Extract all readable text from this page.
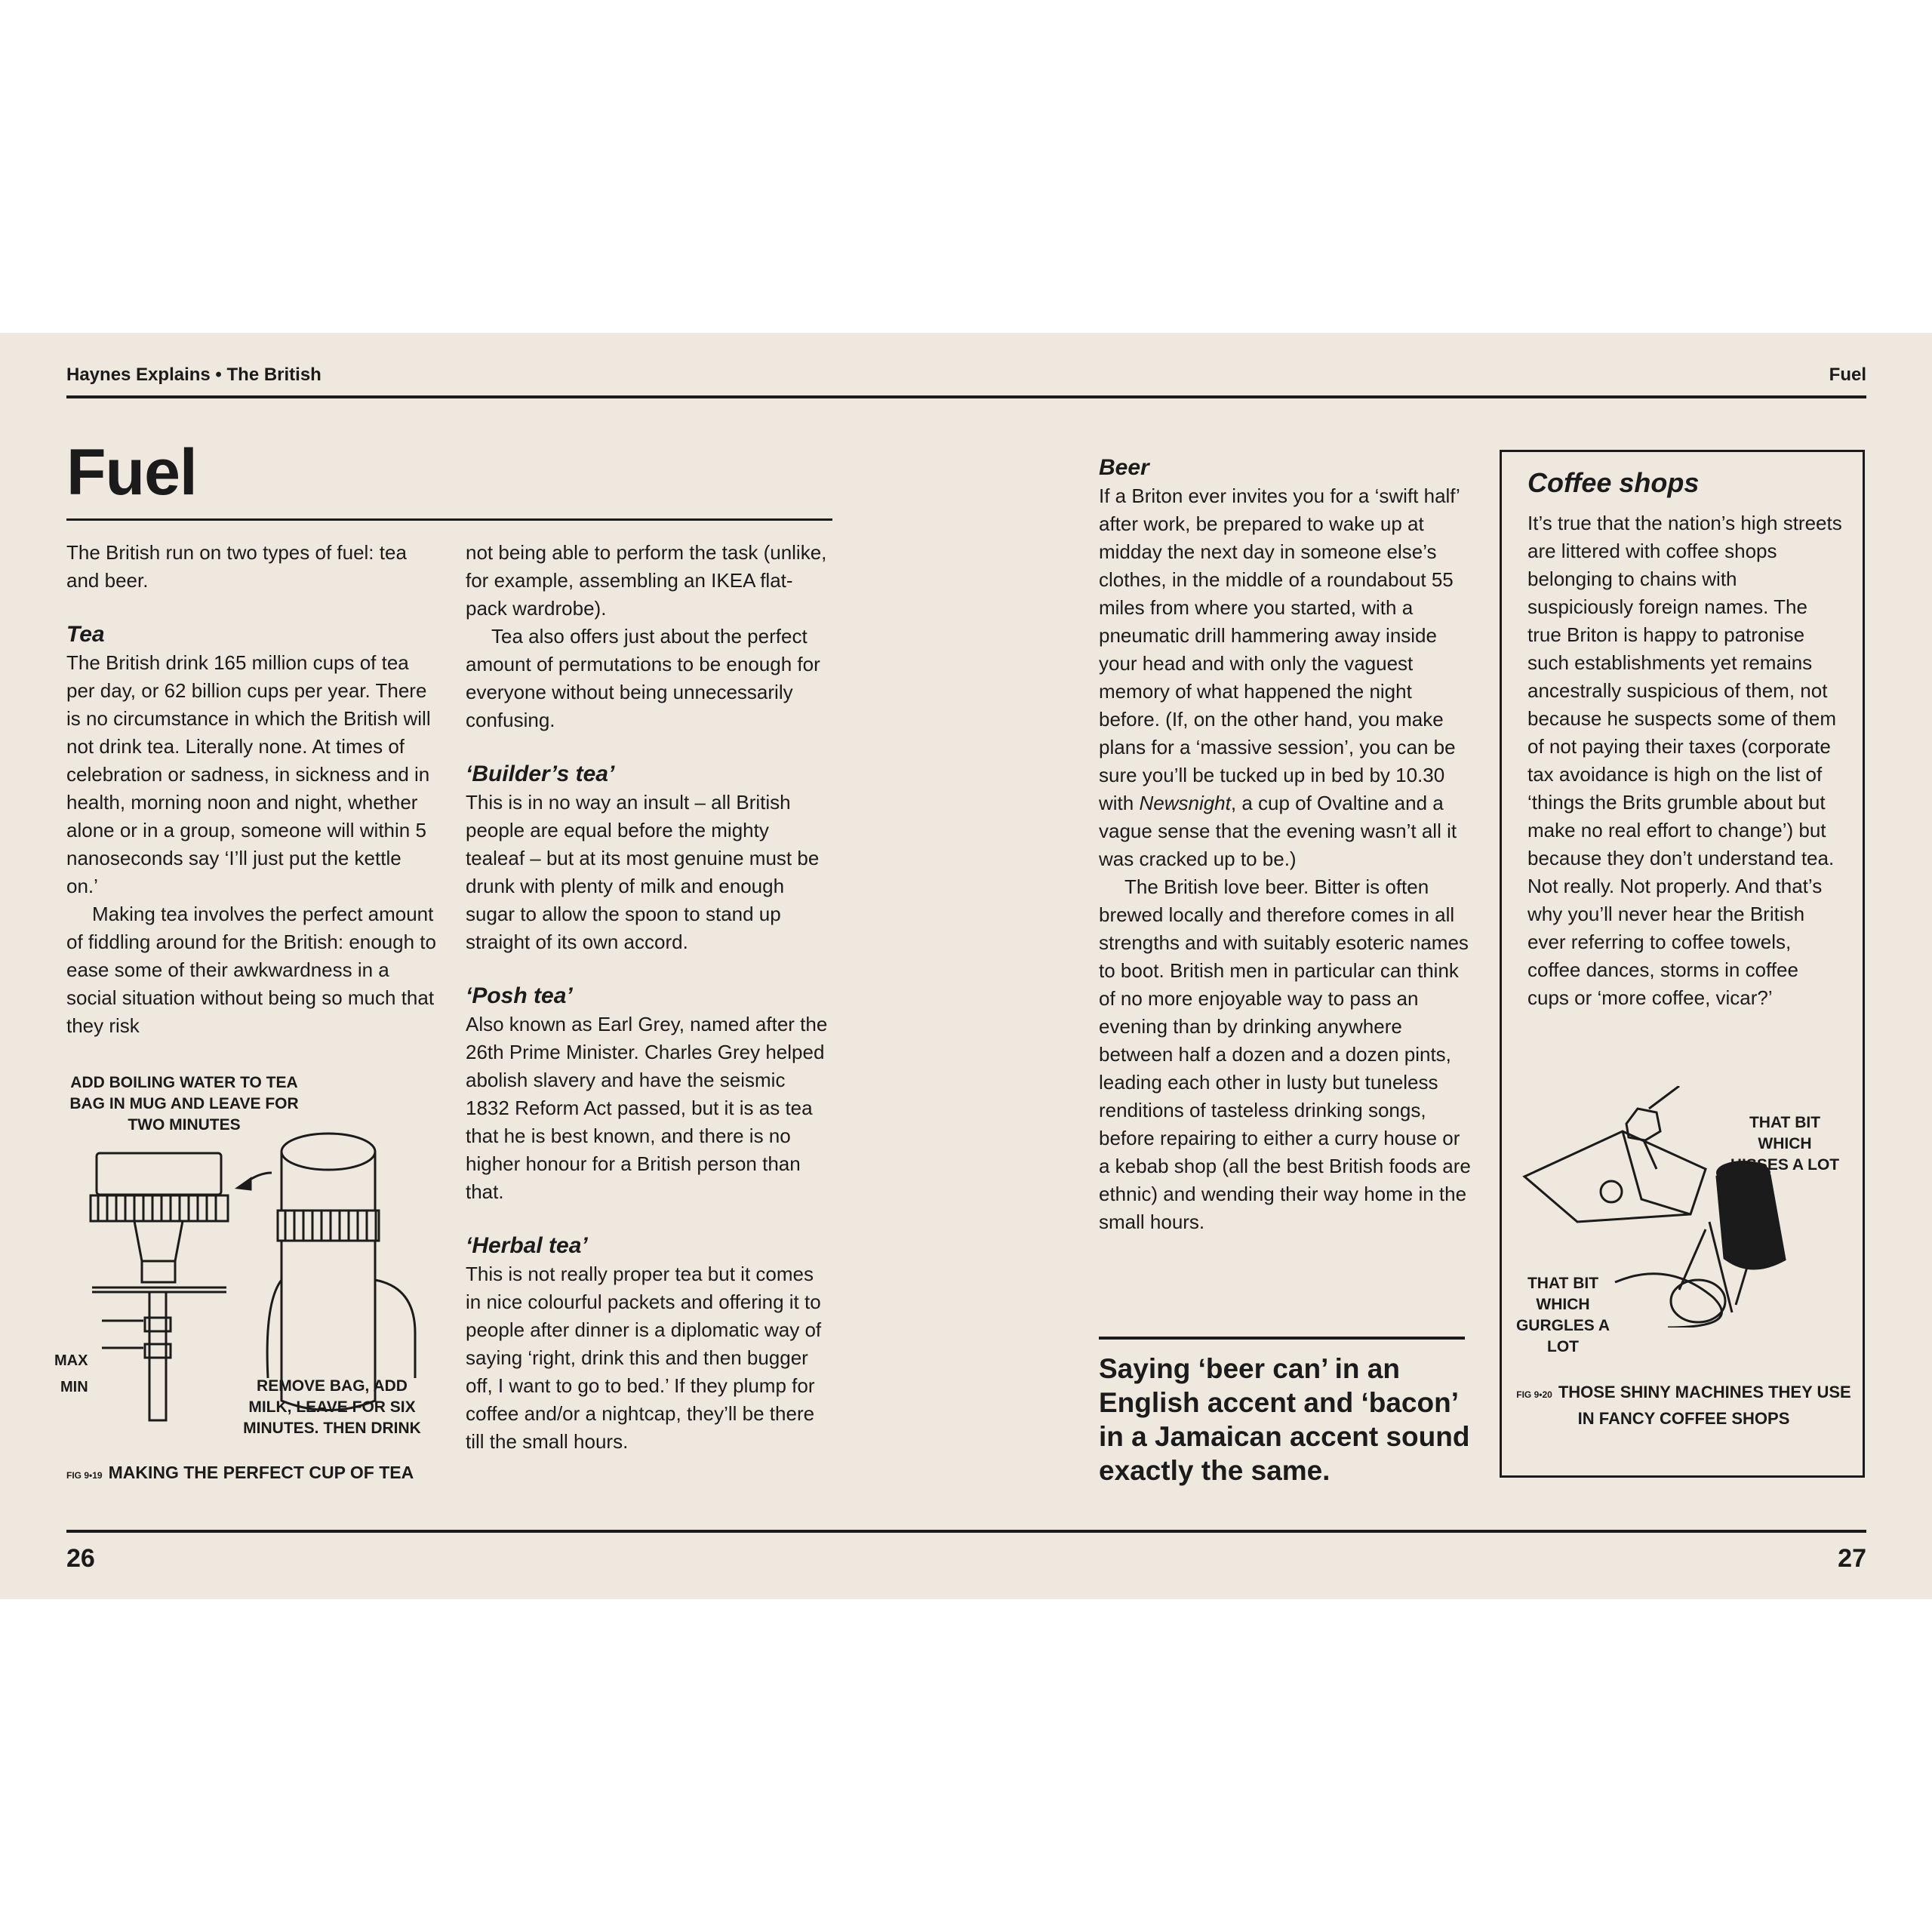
Haynes Explains • The British	Fuel
Fuel

The British run on two types of fuel: tea and beer.

Tea

The British drink 165 million cups of tea per day, or 62 billion cups per year. There is no circumstance in which the British will not drink tea. Literally none. At times of celebration or sadness, in sickness and in health, morning noon and night, whether alone or in a group, someone will within 5 nanoseconds say ‘I’ll just put the kettle on.’

Making tea involves the perfect amount of fiddling around for the British: enough to ease some of their awkwardness in a social situation without being so much that they risk

ADD BOILING WATER TO TEA BAG IN MUG AND LEAVE FOR TWO MINUTES
MAX
MIN	REMOVE BAG, ADD MILK, LEAVE FOR SIX MINUTES. THEN DRINK
FIG 9•19 MAKING THE PERFECT CUP OF TEA

not being able to perform the task (unlike, for example, assembling an IKEA flat-pack wardrobe).

Tea also offers just about the perfect amount of permutations to be enough for everyone without being unnecessarily confusing.

‘Builder’s tea’

This is in no way an insult – all British people are equal before the mighty tealeaf – but at its most genuine must be drunk with plenty of milk and enough sugar to allow the spoon to stand up straight of its own accord.

‘Posh tea’

Also known as Earl Grey, named after the 26th Prime Minister. Charles Grey helped abolish slavery and have the seismic 1832 Reform Act passed, but it is as tea that he is best known, and there is no higher honour for a British person than that.

‘Herbal tea’

This is not really proper tea but it comes in nice colourful packets and offering it to people after dinner is a diplomatic way of saying ‘right, drink this and then bugger off, I want to go to bed.’ If they plump for coffee and/or a nightcap, they’ll be there till the small hours.

Beer

If a Briton ever invites you for a ‘swift half’ after work, be prepared to wake up at midday the next day in someone else’s clothes, in the middle of a roundabout 55 miles from where you started, with a pneumatic drill hammering away inside your head and with only the vaguest memory of what happened the night before. (If, on the other hand, you make plans for a ‘massive session’, you can be sure you’ll be tucked up in bed by 10.30 with Newsnight, a cup of Ovaltine and a vague sense that the evening wasn’t all it was cracked up to be.)

The British love beer. Bitter is often brewed locally and therefore comes in all strengths and with suitably esoteric names to boot. British men in particular can think of no more enjoyable way to pass an evening than by drinking anywhere between half a dozen and a dozen pints, leading each other in lusty but tuneless renditions of tasteless drinking songs, before repairing to either a curry house or a kebab shop (all the best British foods are ethnic) and wending their way home in the small hours.

Saying ‘beer can’ in an English accent and ‘bacon’ in a Jamaican accent sound exactly the same.
Coffee shops
It’s true that the nation’s high streets are littered with coffee shops belonging to chains with suspiciously foreign names. The true Briton is happy to patronise such establishments yet remains ancestrally suspicious of them, not because he suspects some of them of not paying their taxes (corporate tax avoidance is high on the list of ‘things the Brits grumble about but make no real effort to change’) but because they don’t understand tea. Not really. Not properly. And that’s why you’ll never hear the British ever referring to coffee towels, coffee dances, storms in coffee cups or ‘more coffee, vicar?’
THAT BIT WHICH HISSES A LOT
THAT BIT WHICH GURGLES A LOT
FIG 9•20 THOSE SHINY MACHINES THEY USE IN FANCY COFFEE SHOPS
26	27
